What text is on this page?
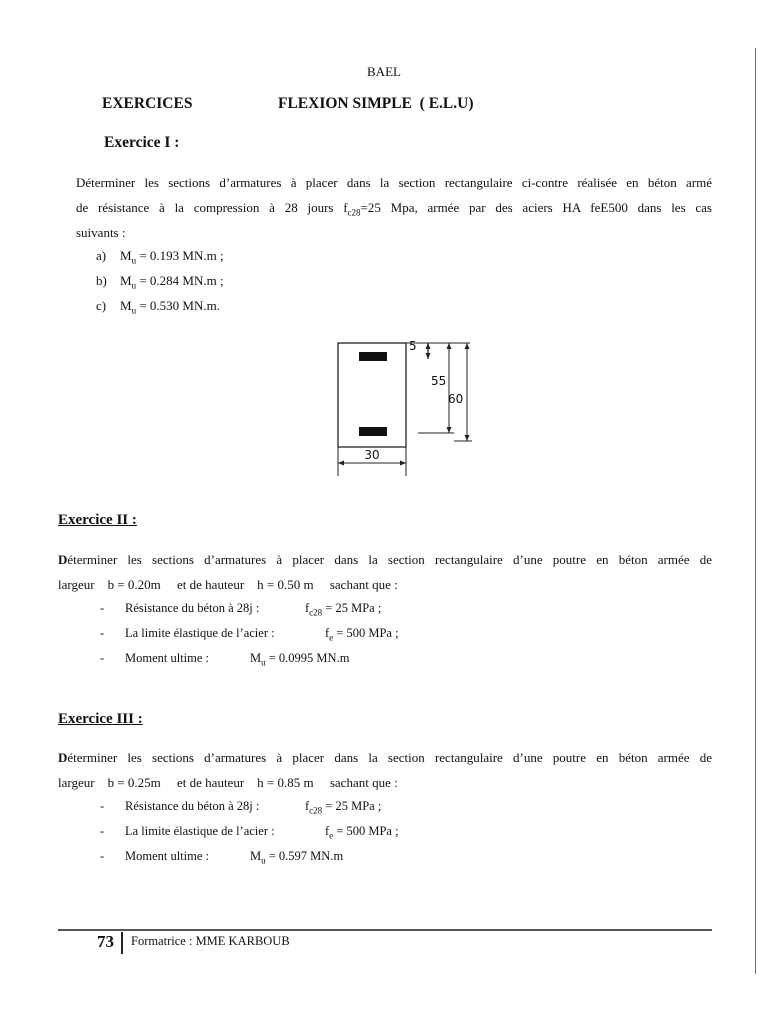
BAEL
EXERCICES	FLEXION SIMPLE  ( E.L.U)
Exercice I :
Déterminer les sections d’armatures à placer dans la section rectangulaire ci-contre réalisée en béton armé
de résistance à la compression à 28 jours $f_{c28}=25$ Mpa, armée par des aciers HA feE500 dans les cas
suivants :
a) $M_u = 0.193$ MN.m ;
b) $M_u = 0.284$ MN.m ;
c) $M_u = 0.530$ MN.m.
30
5
55
60
Exercice II :
Déterminer les sections d’armatures à placer dans la section rectangulaire d’une poutre en béton armée de
largeur    b = 0.20m     et de hauteur    h = 0.50 m     sachant que :
- Résistance du béton à 28j :	$f_{c28} = 25$ MPa ;
- La limite élastique de l’acier :	$f_e = 500$ MPa ;
- Moment ultime :	$M_u = 0.0995$ MN.m
Exercice III :
Déterminer les sections d’armatures à placer dans la section rectangulaire d’une poutre en béton armée de
largeur    b = 0.25m     et de hauteur    h = 0.85 m     sachant que :
- Résistance du béton à 28j :	$f_{c28} = 25$ MPa ;
- La limite élastique de l’acier :	$f_e = 500$ MPa ;
- Moment ultime :	$M_u = 0.597$ MN.m
73 Formatrice : MME KARBOUB
